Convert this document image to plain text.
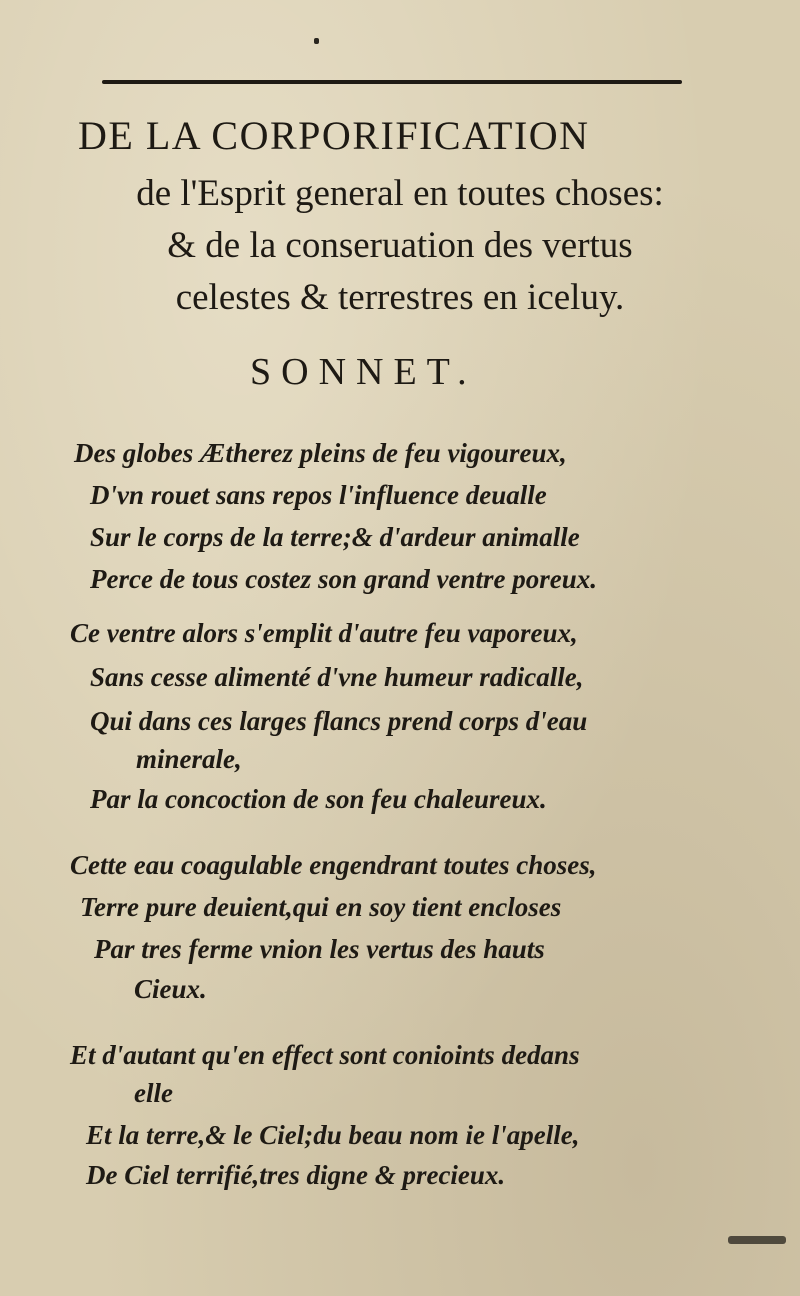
DE LA CORPORIFICATION
de l'Esprit general en toutes choses:
& de la conseruation des vertus
celestes & terrestres en iceluy.
SONNET.
Des globes Ætherez pleins de feu vigoureux,
D'vn rouet sans repos l'influence deualle
Sur le corps de la terre;& d'ardeur animalle
Perce de tous costez son grand ventre poreux.
Ce ventre alors s'emplit d'autre feu vaporeux,
Sans cesse alimenté d'vne humeur radicalle,
Qui dans ces larges flancs prend corps d'eau
minerale,
Par la concoction de son feu chaleureux.
Cette eau coagulable engendrant toutes choses,
Terre pure deuient,qui en soy tient encloses
Par tres ferme vnion les vertus des hauts
Cieux.
Et d'autant qu'en effect sont conioints dedans
elle
Et la terre,& le Ciel;du beau nom ie l'apelle,
De Ciel terrifié,tres digne & precieux.
